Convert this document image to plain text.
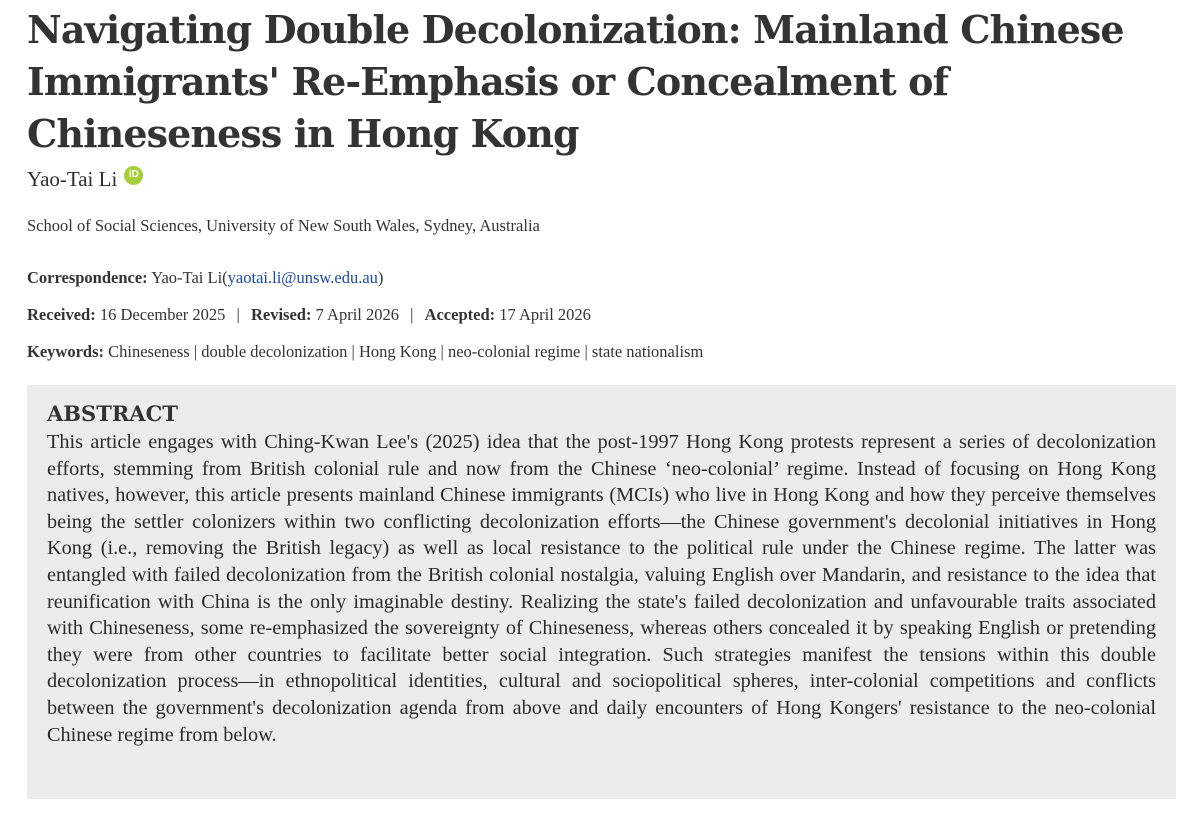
Navigating Double Decolonization: Mainland Chinese Immigrants' Re-Emphasis or Concealment of Chineseness in Hong Kong
Yao-Tai Li	iD
School of Social Sciences, University of New South Wales, Sydney, Australia
Correspondence: Yao-Tai Li(yaotai.li@unsw.edu.au)
Received: 16 December 2025 | Revised: 7 April 2026 | Accepted: 17 April 2026
Keywords: Chineseness | double decolonization | Hong Kong | neo-colonial regime | state nationalism
ABSTRACT

This article engages with Ching-Kwan Lee's (2025) idea that the post-1997 Hong Kong protests represent a series of decolonization efforts, stemming from British colonial rule and now from the Chinese ‘neo-colonial’ regime. Instead of focusing on Hong Kong natives, however, this article presents mainland Chinese immigrants (MCIs) who live in Hong Kong and how they perceive themselves being the settler colonizers within two conflicting decolonization efforts—the Chinese government's decolonial initiatives in Hong Kong (i.e., removing the British legacy) as well as local resistance to the political rule under the Chinese regime. The latter was entangled with failed decolonization from the British colonial nostalgia, valuing English over Mandarin, and resistance to the idea that reunification with China is the only imaginable destiny. Realizing the state's failed decolonization and unfavourable traits associated with Chineseness, some re-emphasized the sovereignty of Chineseness, whereas others concealed it by speaking English or pretending they were from other countries to facilitate better social integration. Such strategies manifest the tensions within this double decolonization process—in ethnopolitical identities, cultural and sociopolitical spheres, inter-colonial competitions and conflicts between the government's decolonization agenda from above and daily encounters of Hong Kongers' resistance to the neo-colonial Chinese regime from below.
